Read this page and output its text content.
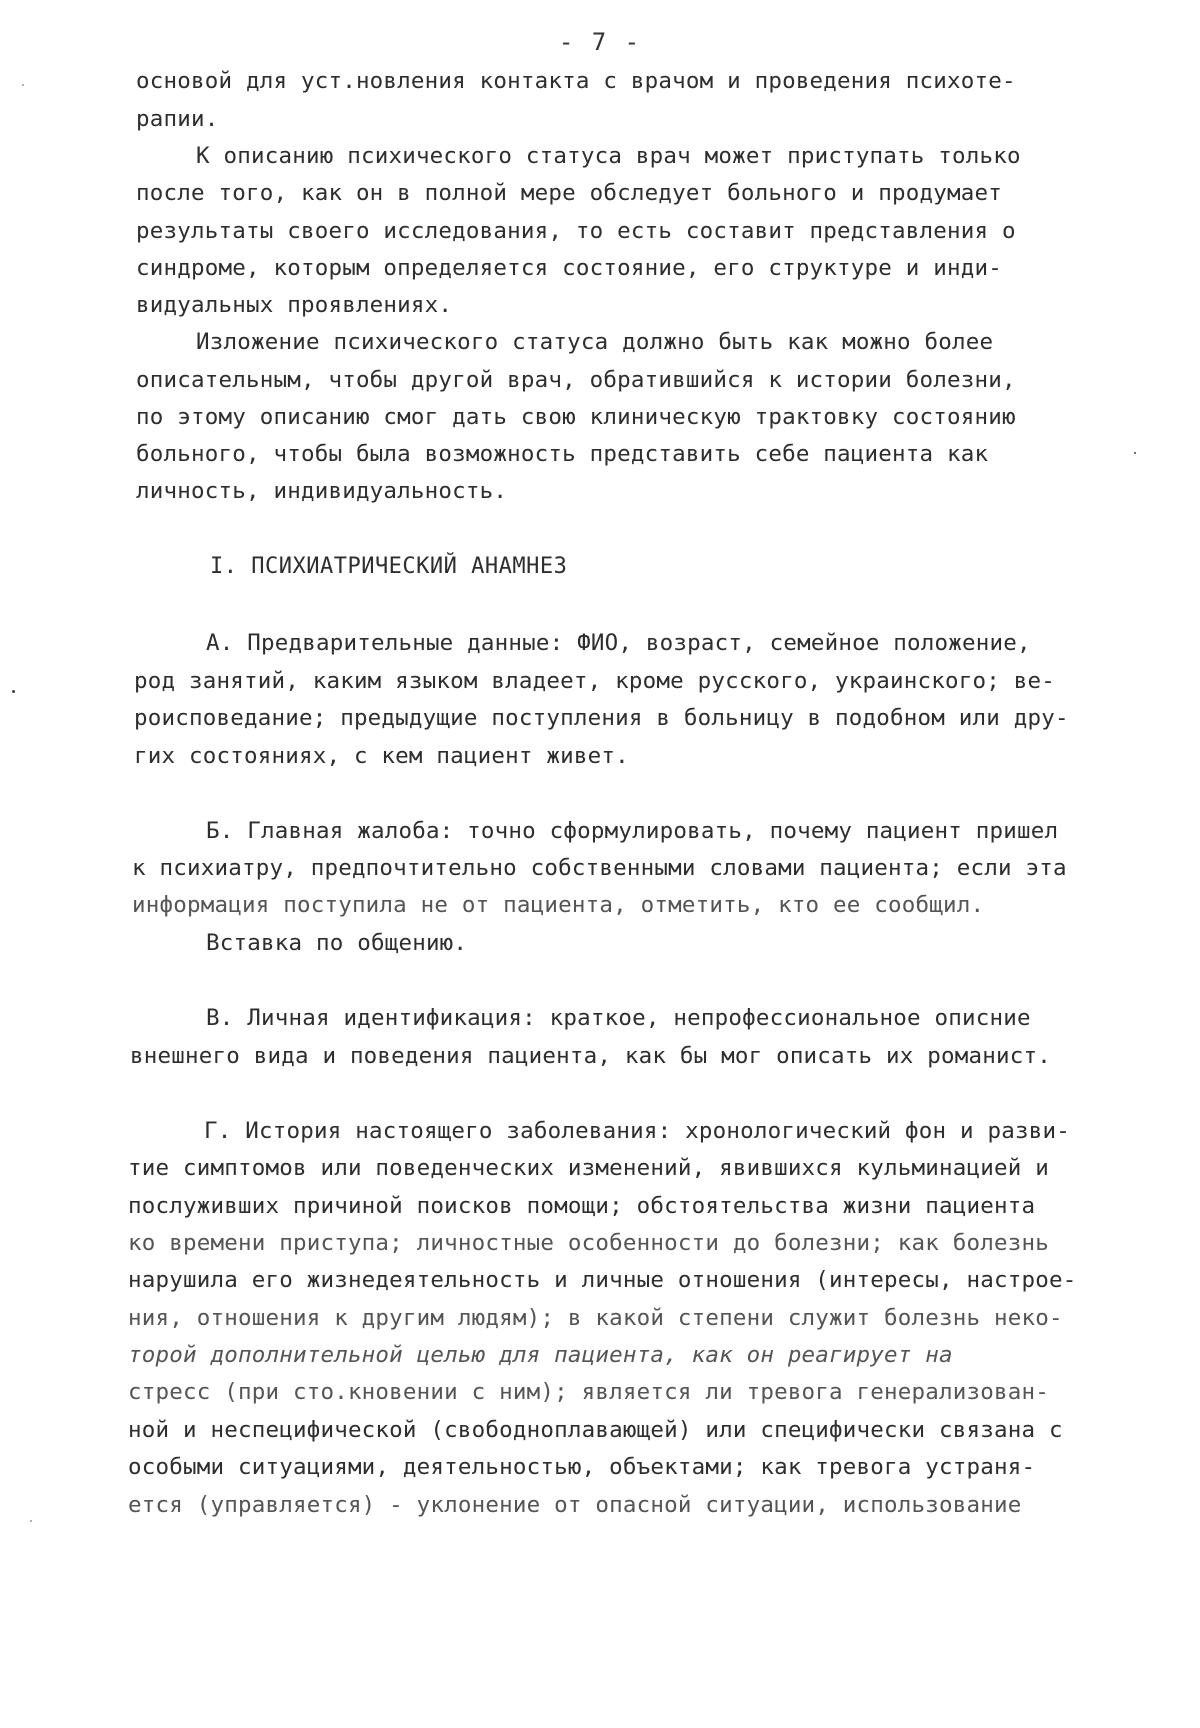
- 7 -
основой для уст.новления контакта с врачом и проведения психоте-
рапии.
К описанию психического статуса врач может приступать только
после того, как он в полной мере обследует больного и продумает
результаты своего исследования, то есть составит представления о
синдроме, которым определяется состояние, его структуре и инди-
видуальных проявлениях.
Изложение психического статуса должно быть как можно более
описательным, чтобы другой врач, обратившийся к истории болезни,
по этому описанию смог дать свою клиническую трактовку состоянию
больного, чтобы была возможность представить себе пациента как
личность, индивидуальность.
I. ПСИХИАТРИЧЕСКИЙ АНАМНЕЗ
А. Предварительные данные: ФИО, возраст, семейное положение,
род занятий, каким языком владеет, кроме русского, украинского; ве-
роисповедание; предыдущие поступления в больницу в подобном или дру-
гих состояниях, с кем пациент живет.
Б. Главная жалоба: точно сформулировать, почему пациент пришел
к психиатру, предпочтительно собственными словами пациента; если эта
информация поступила не от пациента, отметить, кто ее сообщил.
Вставка по общению.
В. Личная идентификация: краткое, непрофессиональное описние
внешнего вида и поведения пациента, как бы мог описать их романист.
Г. История настоящего заболевания: хронологический фон и разви-
тие симптомов или поведенческих изменений, явившихся кульминацией и
послуживших причиной поисков помощи; обстоятельства жизни пациента
ко времени приступа; личностные особенности до болезни; как болезнь
нарушила его жизнедеятельность и личные отношения (интересы, настрое-
ния, отношения к другим людям); в какой степени служит болезнь неко-
торой дополнительной целью для пациента, как он реагирует на
стресс (при сто.кновении с ним); является ли тревога генерализован-
ной и неспецифической (свободноплавающей) или специфически связана с
особыми ситуациями, деятельностью, объектами; как тревога устраня-
ется (управляется) - уклонение от опасной ситуации, использование
